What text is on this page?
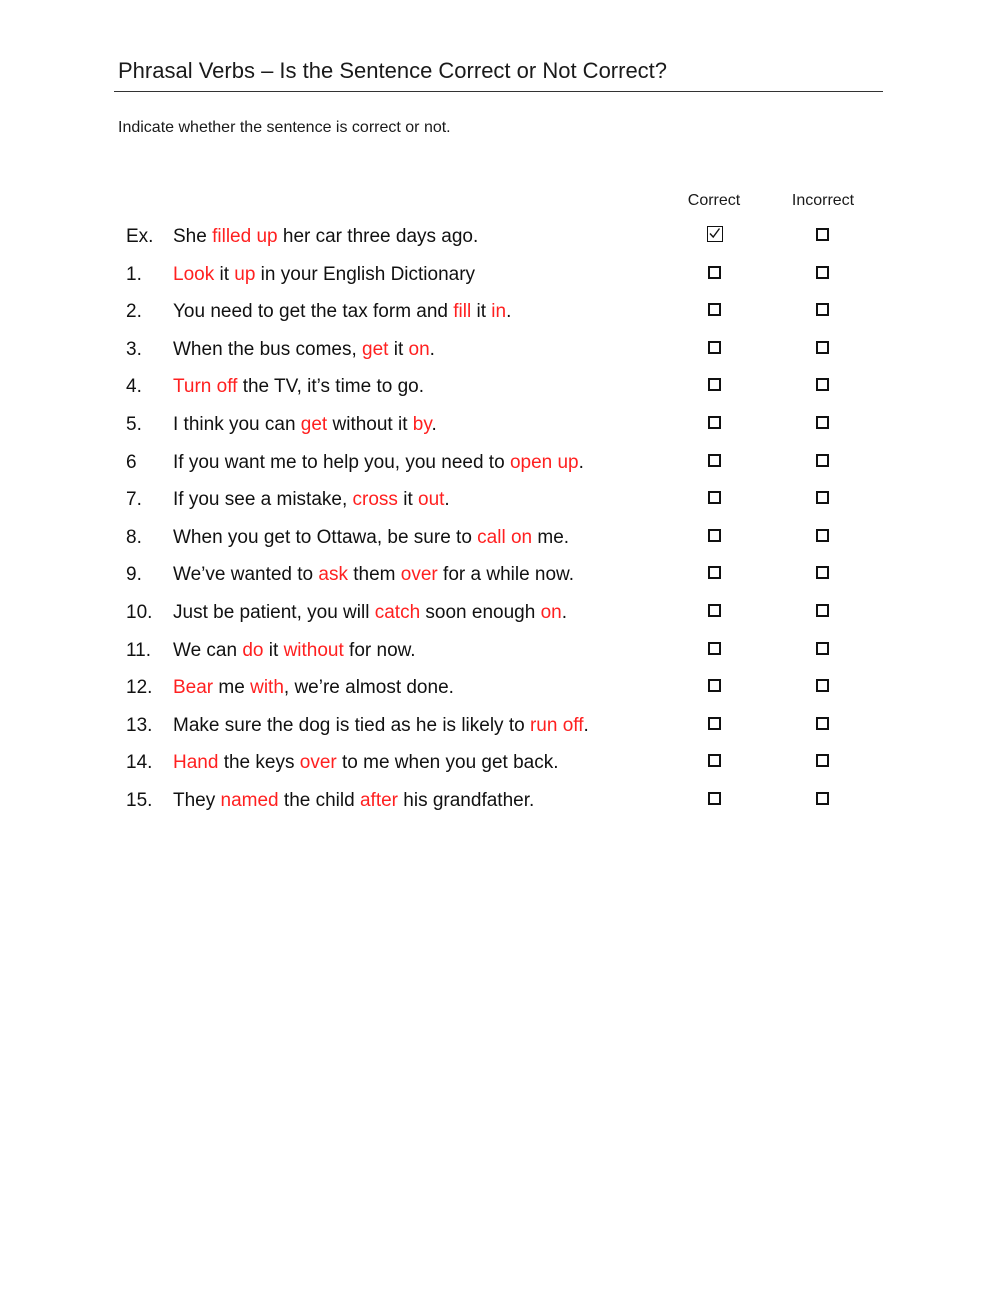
Phrasal Verbs – Is the Sentence Correct or Not Correct?
Indicate whether the sentence is correct or not.
Correct	Incorrect
Ex. She filled up her car three days ago.
1. Look it up in your English Dictionary
2. You need to get the tax form and fill it in.
3. When the bus comes, get it on.
4. Turn off the TV, it’s time to go.
5. I think you can get without it by.
6 If you want me to help you, you need to open up.
7. If you see a mistake, cross it out.
8. When you get to Ottawa, be sure to call on me.
9. We’ve wanted to ask them over for a while now.
10. Just be patient, you will catch soon enough on.
11. We can do it without for now.
12. Bear me with, we’re almost done.
13. Make sure the dog is tied as he is likely to run off.
14. Hand the keys over to me when you get back.
15. They named the child after his grandfather.
